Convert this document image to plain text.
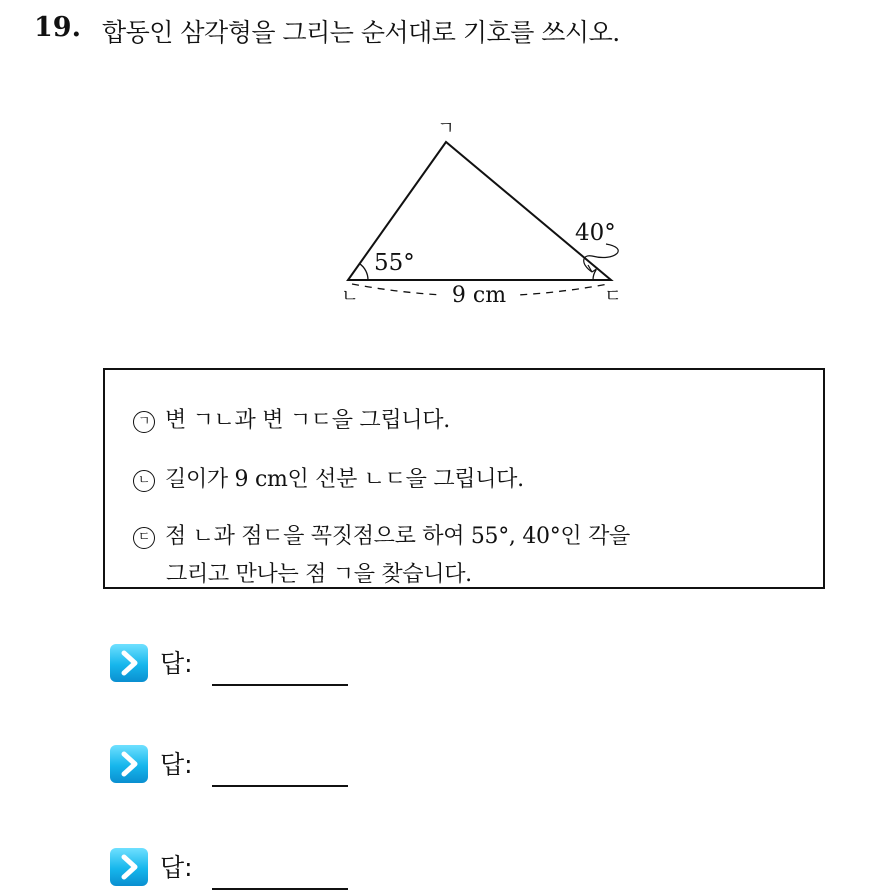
19. 합동인 삼각형을 그리는 순서대로 기호를 쓰시오.
9 cm
ㄱ
ㄴ	ㄷ
55°
40°
ㄱ 변 ㄱㄴ과 변 ㄱㄷ을 그립니다.
ㄴ 길이가 9 cm인 선분 ㄴㄷ을 그립니다.
ㄷ 점 ㄴ과 점ㄷ을 꼭짓점으로 하여 55°, 40°인 각을
그리고 만나는 점 ㄱ을 찾습니다.
답:
답:
답:
